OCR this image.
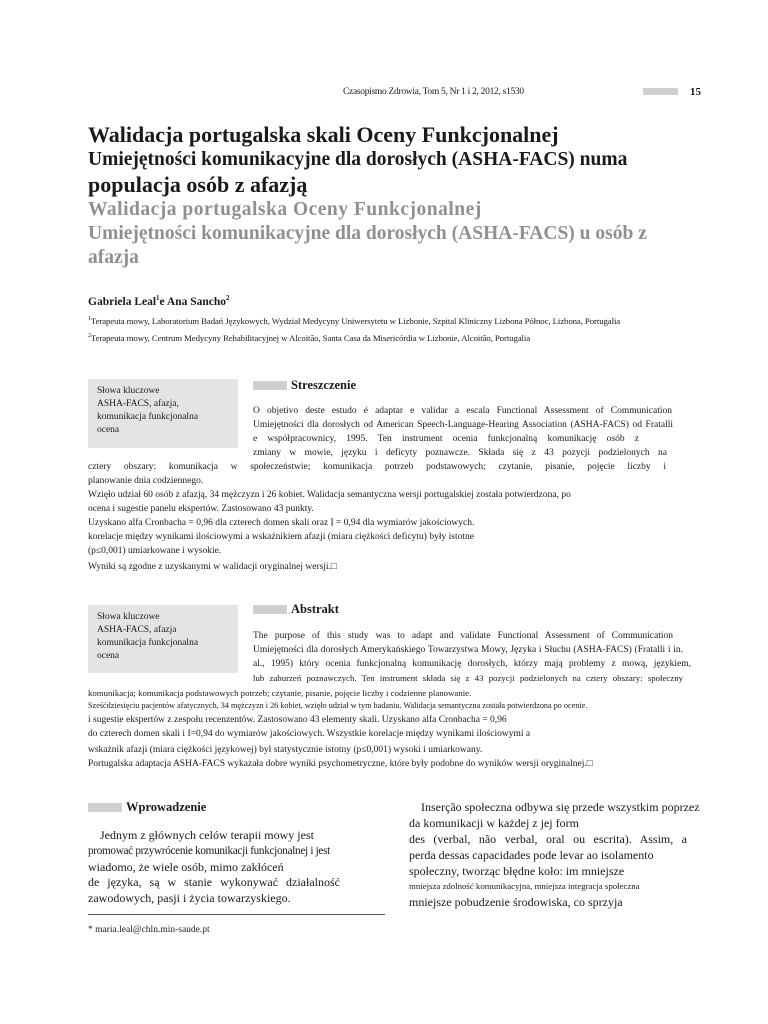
Czasopismo Zdrowia, Tom 5, Nr 1 i 2, 2012, s1530	15
Walidacja portugalska skali Oceny Funkcjonalnej
Umiejętności komunikacyjne dla dorosłych (ASHA-FACS) numa
populacja osób z afazją
Walidacja portugalska Oceny Funkcjonalnej
Umiejętności komunikacyjne dla dorosłych (ASHA-FACS) u osób z
afazja
Gabriela Leal$^1$e Ana Sancho$^2$
$^1$Terapeuta mowy, Laboratorium Badań Językowych, Wydział Medycyny Uniwersytetu w Lizbonie, Szpital Kliniczny Lizbona Północ, Lizbona, Portugalia
$^2$Terapeuta mowy, Centrum Medycyny Rehabilitacyjnej w Alcoitão, Santa Casa da Misericórdia w Lizbonie, Alcoitão, Portugalia
Słowa kluczowe
ASHA-FACS, afazja,
komunikacja funkcjonalna
ocena
Streszczenie
O objetivo deste estudo é adaptar e validar a escala Functional Assessment of Communication
Umiejętności dla dorosłych od American Speech-Language-Hearing Association (ASHA-FACS) od Fratalli
e współpracownicy, 1995. Ten instrument ocenia funkcjonalną komunikację osób z
zmiany w mowie, języku i deficyty poznawcze. Składa się z 43 pozycji podzielonych na
cztery obszary: komunikacja w społeczeństwie; komunikacja potrzeb podstawowych; czytanie, pisanie, pojęcie liczby i
planowanie dnia codziennego.
Wzięło udział 60 osób z afazją, 34 mężczyzn i 26 kobiet. Walidacja semantyczna wersji portugalskiej została potwierdzona, po
ocena i sugestie panelu ekspertów. Zastosowano 43 punkty.
Uzyskano alfa Cronbacha = 0,96 dla czterech domen skali oraz Ị = 0,94 dla wymiarów jakościowych.
korelacje między wynikami ilościowymi a wskaźnikiem afazji (miara ciężkości deficytu) były istotne
(p≤0,001) umiarkowane i wysokie.
Wyniki są zgodne z uzyskanymi w walidacji oryginalnej wersji.□
Słowa kluczowe
ASHA-FACS, afazja
komunikacja funkcjonalna
ocena
Abstrakt
The purpose of this study was to adapt and validate Functional Assessment of Communication
Umiejętności dla dorosłych Amerykańskiego Towarzystwa Mowy, Języka i Słuchu (ASHA-FACS) (Fratalli i in.
al., 1995) który ocenia funkcjonalną komunikację dorosłych, którzy mają problemy z mową, językiem,
lub zaburzeń poznawczych. Ten instrument składa się z 43 pozycji podzielonych na cztery obszary: społeczny
komunikacja; komunikacja podstawowych potrzeb; czytanie, pisanie, pojęcie liczby i codzienne planowanie.
Sześćdziesięciu pacjentów afatycznych, 34 mężczyzn i 26 kobiet, wzięło udział w tym badaniu. Walidacja semantyczna została potwierdzona po ocenie.
i sugestie ekspertów z zespołu recenzentów. Zastosowano 43 elementy skali. Uzyskano alfa Cronbacha = 0,96
do czterech domen skali i I=0,94 do wymiarów jakościowych. Wszystkie korelacje między wynikami ilościowymi a
wskaźnik afazji (miara ciężkości językowej) był statystycznie istotny (p≤0,001) wysoki i umiarkowany.
Portugalska adaptacja ASHA-FACS wykazała dobre wyniki psychometryczne, które były podobne do wyników wersji oryginalnej.□
Wprowadzenie
Jednym z głównych celów terapii mowy jest
promować przywrócenie komunikacji funkcjonalnej i jest
wiadomo, że wiele osób, mimo zakłóceń
de języka, są w stanie wykonywać działalność
zawodowych, pasji i życia towarzyskiego.
Inserção społeczna odbywa się przede wszystkim poprzez
da komunikacji w każdej z jej form
des (verbal, não verbal, oral ou escrita). Assim, a
perda dessas capacidades pode levar ao isolamento
społeczny, tworząc błędne koło: im mniejsze
mniejsza zdolność komunikacyjna, mniejsza integracja społeczna
mniejsze pobudzenie środowiska, co sprzyja
* maria.leal@chln.min-saude.pt
